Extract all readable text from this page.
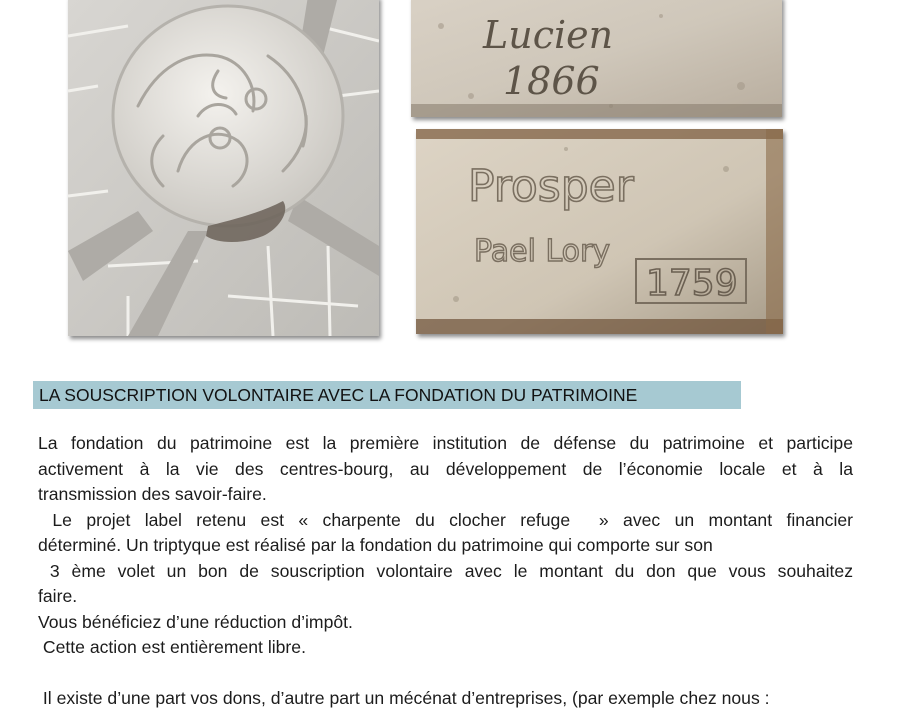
Lucien
1866
Prosper
Pael Lory
1759
LA SOUSCRIPTION VOLONTAIRE AVEC LA FONDATION DU PATRIMOINE

La fondation du patrimoine est la première institution de défense du patrimoine et participe

activement à la vie des centres-bourg, au développement de l’économie locale et à la

transmission des savoir-faire.

Le projet label retenu est « charpente du clocher refuge  » avec un montant financier

déterminé. Un triptyque est réalisé par la fondation du patrimoine qui comporte sur son

3 ème volet un bon de souscription volontaire avec le montant du don que vous souhaitez

faire.

Vous bénéficiez d’une réduction d’impôt.

Cette action est entièrement libre.

Il existe d’une part vos dons, d’autre part un mécénat d’entreprises, (par exemple chez nous :
